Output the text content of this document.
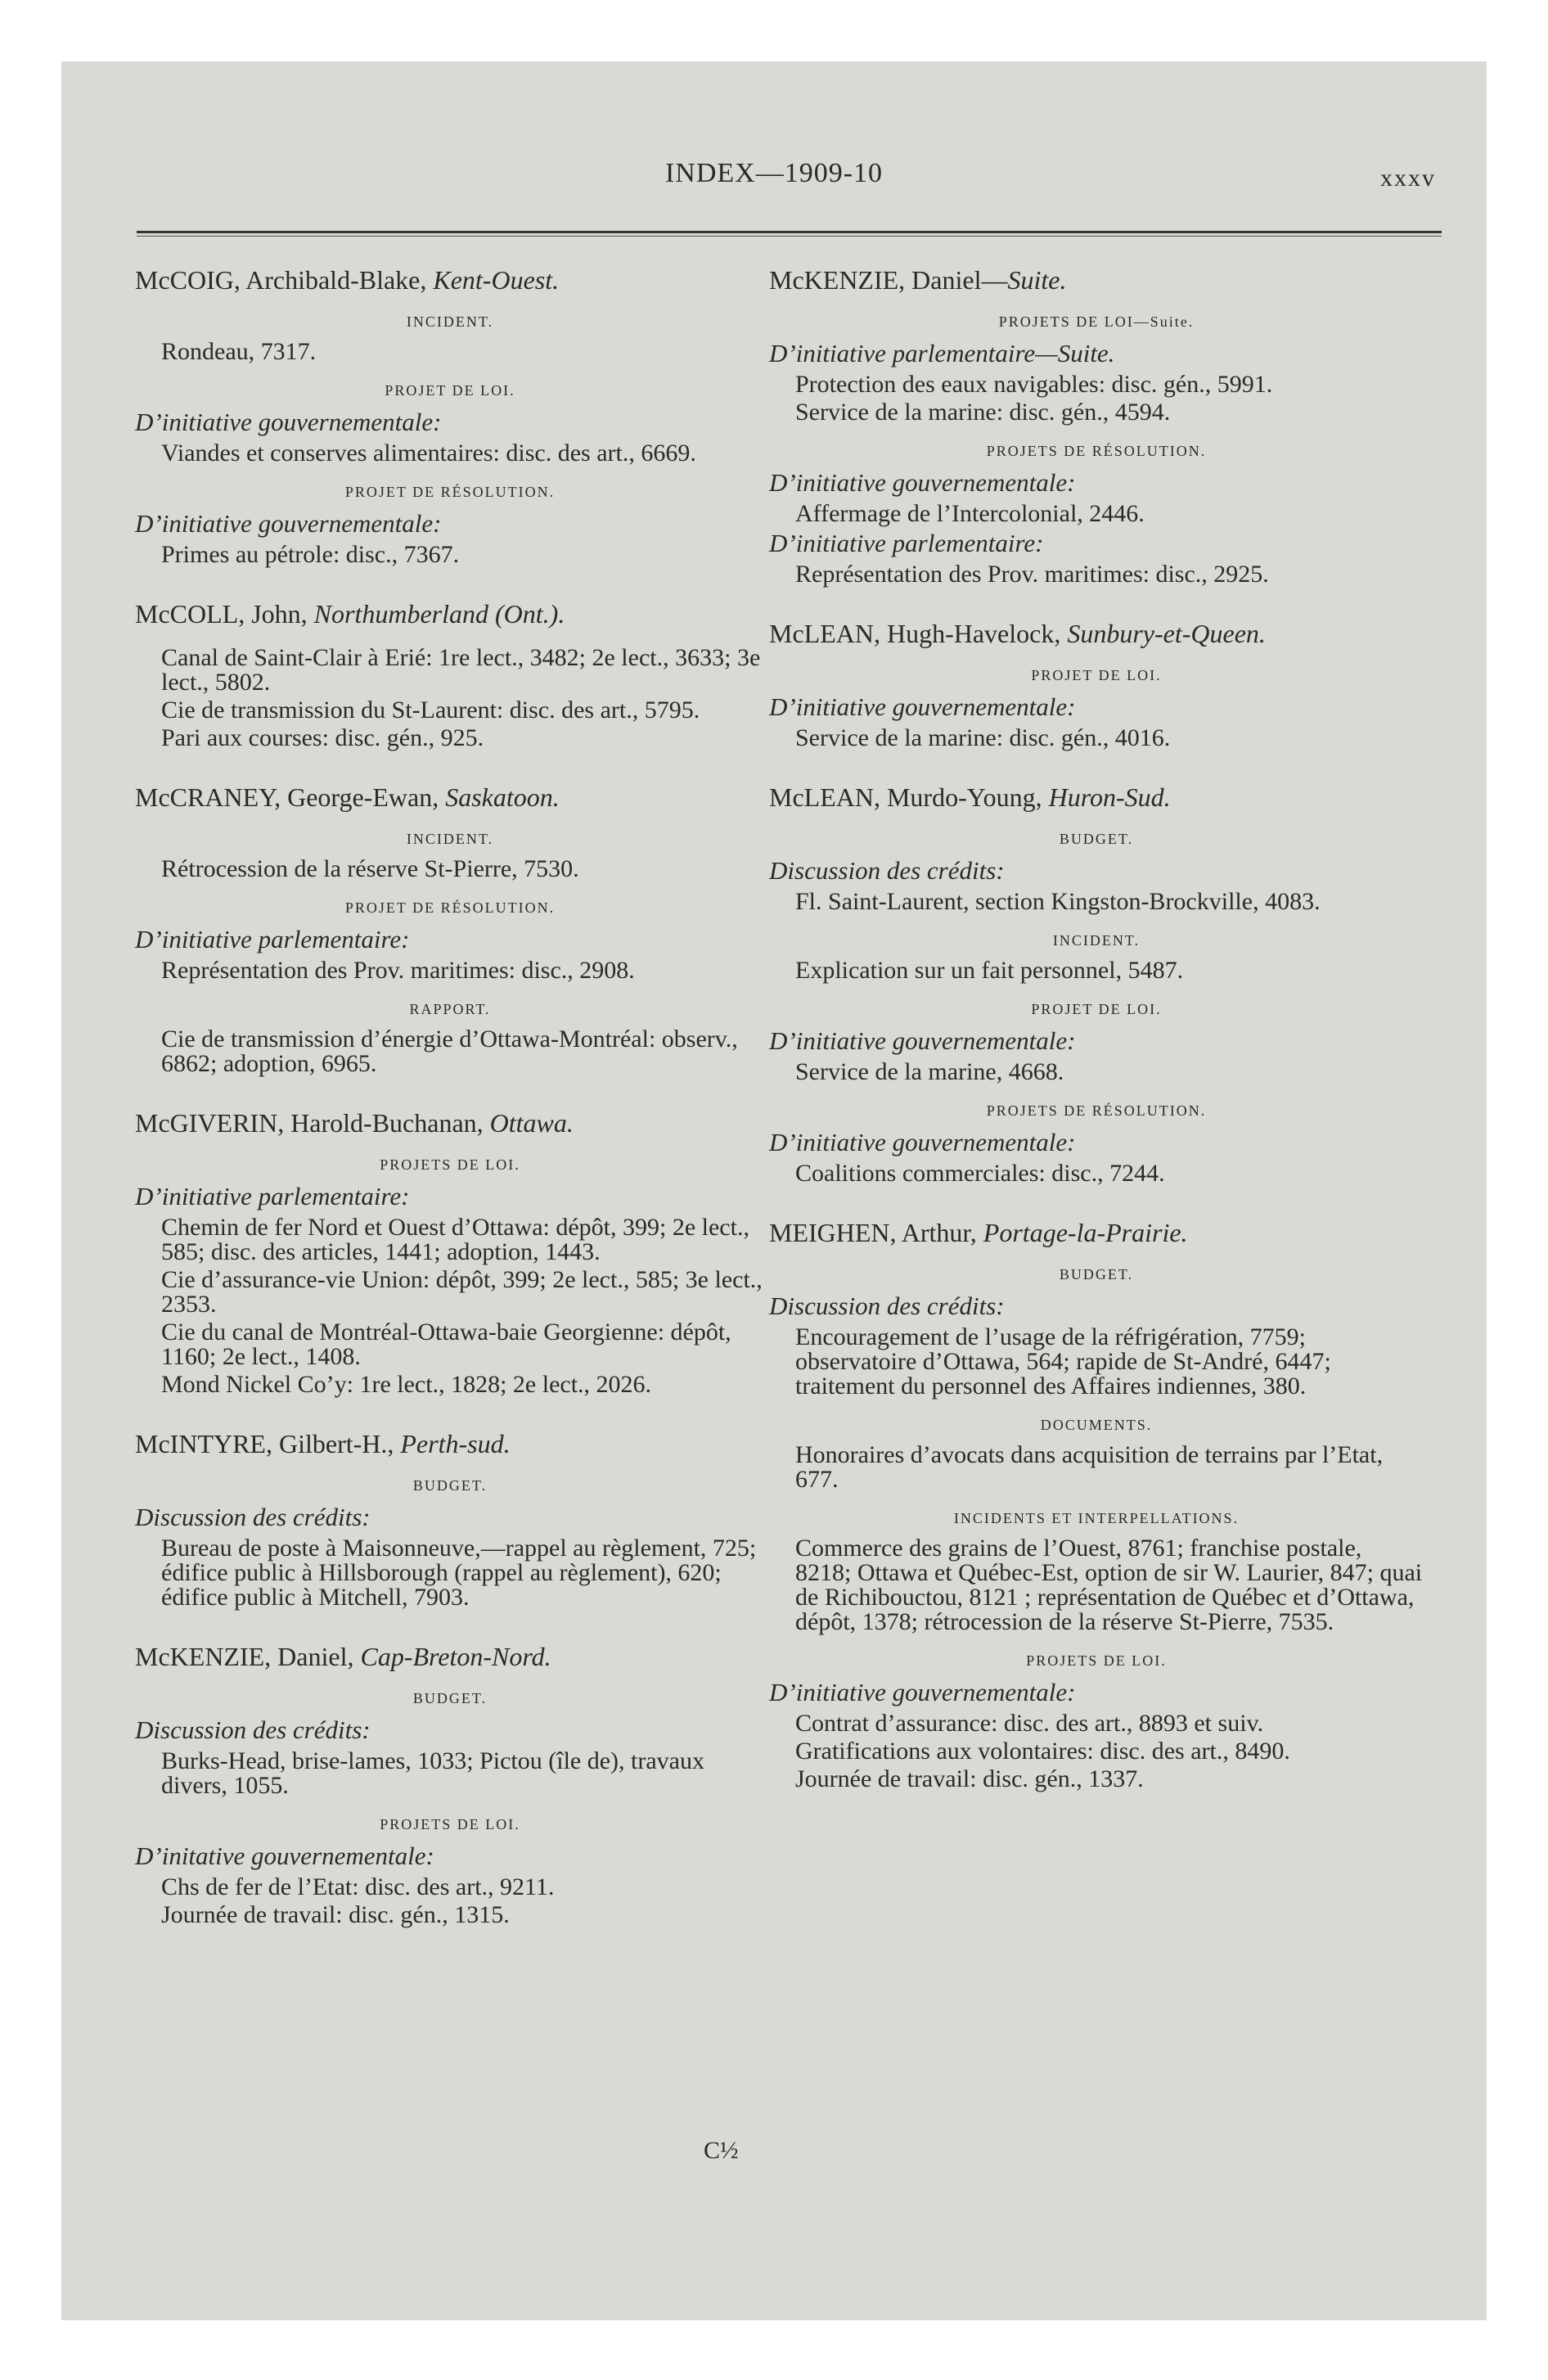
INDEX—1909-10	xxxv
McCOIG, Archibald-Blake, Kent-Ouest.
INCIDENT.
Rondeau, 7317.
PROJET DE LOI.
D’initiative gouvernementale:
Viandes et conserves alimentaires: disc. des art., 6669.
PROJET DE RÉSOLUTION.
D’initiative gouvernementale:
Primes au pétrole: disc., 7367.
McCOLL, John, Northumberland (Ont.).
Canal de Saint-Clair à Erié: 1re lect., 3482; 2e lect., 3633; 3e lect., 5802.
Cie de transmission du St-Laurent: disc. des art., 5795.
Pari aux courses: disc. gén., 925.
McCRANEY, George-Ewan, Saskatoon.
INCIDENT.
Rétrocession de la réserve St-Pierre, 7530.
PROJET DE RÉSOLUTION.
D’initiative parlementaire:
Représentation des Prov. maritimes: disc., 2908.
RAPPORT.
Cie de transmission d’énergie d’Ottawa-Montréal: observ., 6862; adoption, 6965.
McGIVERIN, Harold-Buchanan, Ottawa.
PROJETS DE LOI.
D’initiative parlementaire:
Chemin de fer Nord et Ouest d’Ottawa: dépôt, 399; 2e lect., 585; disc. des articles, 1441; adoption, 1443.
Cie d’assurance-vie Union: dépôt, 399; 2e lect., 585; 3e lect., 2353.
Cie du canal de Montréal-Ottawa-baie Georgienne: dépôt, 1160; 2e lect., 1408.
Mond Nickel Co’y: 1re lect., 1828; 2e lect., 2026.
McINTYRE, Gilbert-H., Perth-sud.
BUDGET.
Discussion des crédits:
Bureau de poste à Maisonneuve,—rappel au règlement, 725; édifice public à Hillsborough (rappel au règlement), 620; édifice public à Mitchell, 7903.
McKENZIE, Daniel, Cap-Breton-Nord.
BUDGET.
Discussion des crédits:
Burks-Head, brise-lames, 1033; Pictou (île de), travaux divers, 1055.
PROJETS DE LOI.
D’initative gouvernementale:
Chs de fer de l’Etat: disc. des art., 9211.
Journée de travail: disc. gén., 1315.
McKENZIE, Daniel—Suite.
PROJETS DE LOI—Suite.
D’initiative parlementaire—Suite.
Protection des eaux navigables: disc. gén., 5991.
Service de la marine: disc. gén., 4594.
PROJETS DE RÉSOLUTION.
D’initiative gouvernementale:
Affermage de l’Intercolonial, 2446.
D’initiative parlementaire:
Représentation des Prov. maritimes: disc., 2925.
McLEAN, Hugh-Havelock, Sunbury-et-Queen.
PROJET DE LOI.
D’initiative gouvernementale:
Service de la marine: disc. gén., 4016.
McLEAN, Murdo-Young, Huron-Sud.
BUDGET.
Discussion des crédits:
Fl. Saint-Laurent, section Kingston-Brockville, 4083.
INCIDENT.
Explication sur un fait personnel, 5487.
PROJET DE LOI.
D’initiative gouvernementale:
Service de la marine, 4668.
PROJETS DE RÉSOLUTION.
D’initiative gouvernementale:
Coalitions commerciales: disc., 7244.
MEIGHEN, Arthur, Portage-la-Prairie.
BUDGET.
Discussion des crédits:
Encouragement de l’usage de la réfrigération, 7759; observatoire d’Ottawa, 564; rapide de St-André, 6447; traitement du personnel des Affaires indiennes, 380.
DOCUMENTS.
Honoraires d’avocats dans acquisition de terrains par l’Etat, 677.
INCIDENTS ET INTERPELLATIONS.
Commerce des grains de l’Ouest, 8761; franchise postale, 8218; Ottawa et Québec-Est, option de sir W. Laurier, 847; quai de Richibouctou, 8121 ; représentation de Québec et d’Ottawa, dépôt, 1378; rétrocession de la réserve St-Pierre, 7535.
PROJETS DE LOI.
D’initiative gouvernementale:
Contrat d’assurance: disc. des art., 8893 et suiv.
Gratifications aux volontaires: disc. des art., 8490.
Journée de travail: disc. gén., 1337.
C½
